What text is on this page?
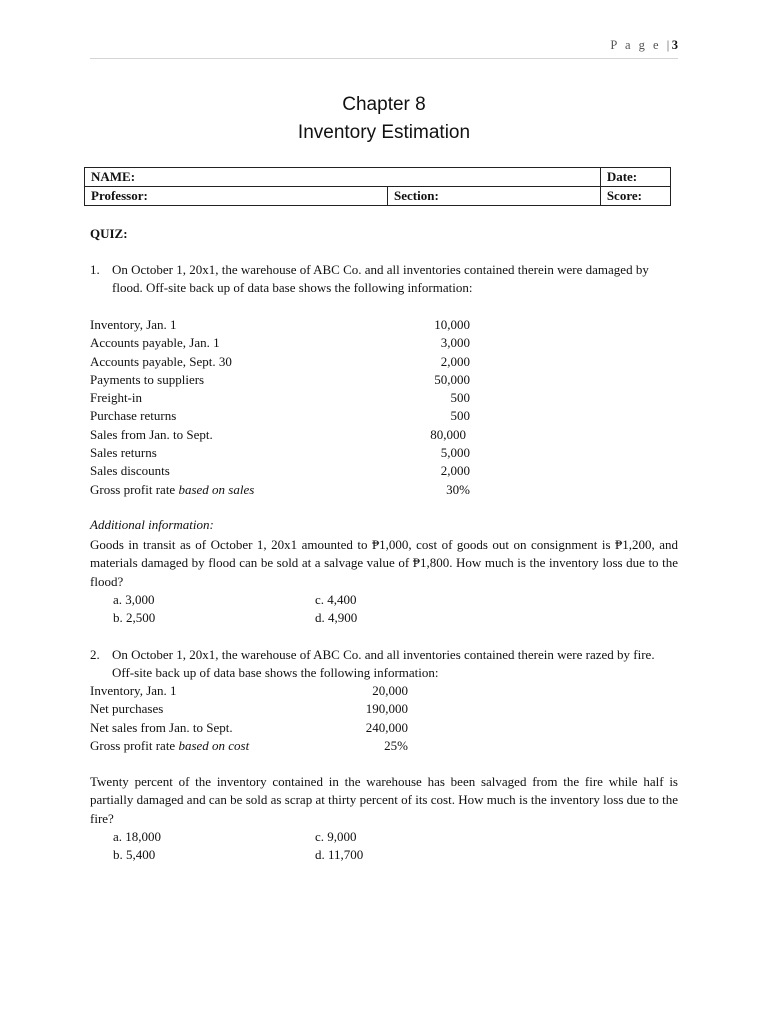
P a g e |3
Chapter 8
Inventory Estimation
NAME:		Date:
Professor:	Section:	Score:
QUIZ:
1. On October 1, 20x1, the warehouse of ABC Co. and all inventories contained therein were damaged by flood. Off-site back up of data base shows the following information:
Inventory, Jan. 1	10,000
Accounts payable, Jan. 1	3,000
Accounts payable, Sept. 30	2,000
Payments to suppliers	50,000
Freight-in	500
Purchase returns	500
Sales from Jan. to Sept.	80,000
Sales returns	5,000
Sales discounts	2,000
Gross profit rate based on sales	30%
Additional information:
Goods in transit as of October 1, 20x1 amounted to ₱1,000, cost of goods out on consignment is ₱1,200, and materials damaged by flood can be sold at a salvage value of ₱1,800. How much is the inventory loss due to the flood?
a. 3,000	c. 4,400
b. 2,500	d. 4,900
2. On October 1, 20x1, the warehouse of ABC Co. and all inventories contained therein were razed by fire. Off-site back up of data base shows the following information:
Inventory, Jan. 1	20,000
Net purchases	190,000
Net sales from Jan. to Sept.	240,000
Gross profit rate based on cost	25%
Twenty percent of the inventory contained in the warehouse has been salvaged from the fire while half is partially damaged and can be sold as scrap at thirty percent of its cost. How much is the inventory loss due to the fire?
a. 18,000	c. 9,000
b. 5,400	d. 11,700
